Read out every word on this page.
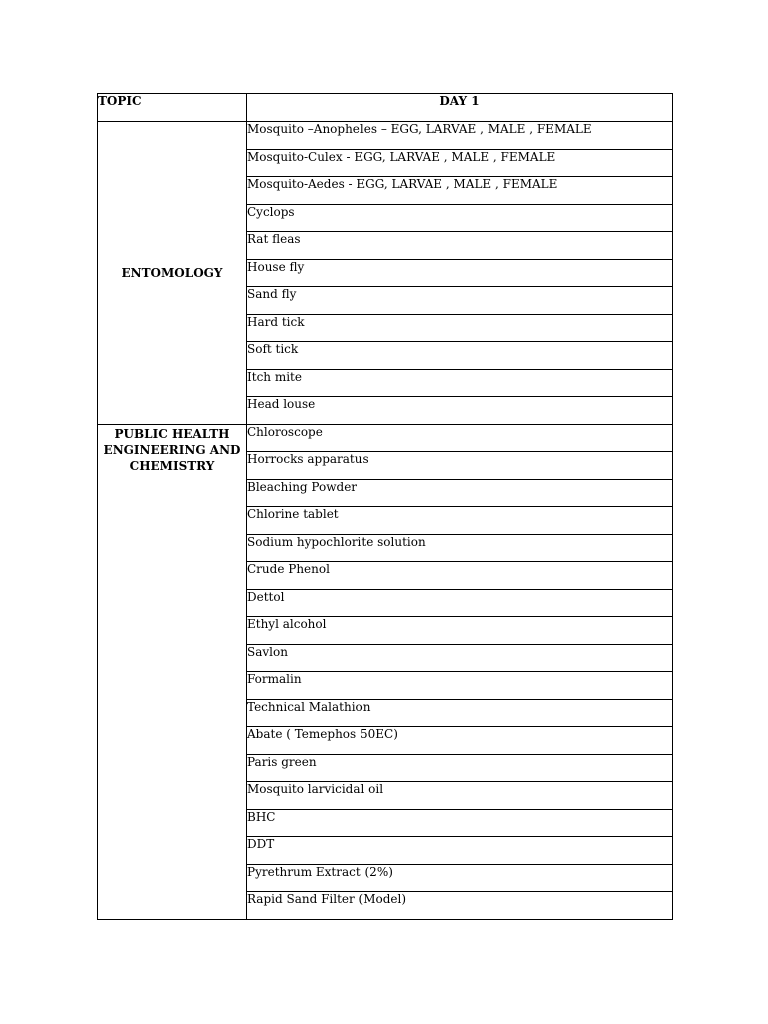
TOPIC	DAY 1
ENTOMOLOGY	Mosquito –Anopheles – EGG, LARVAE , MALE , FEMALE
	Mosquito-Culex - EGG, LARVAE , MALE , FEMALE
	Mosquito-Aedes - EGG, LARVAE , MALE , FEMALE
	Cyclops
	Rat fleas
	House fly
	Sand fly
	Hard tick
	Soft tick
	Itch mite
	Head louse
PUBLIC HEALTH ENGINEERING AND CHEMISTRY	Chloroscope
	Horrocks apparatus
	Bleaching Powder
	Chlorine tablet
	Sodium hypochlorite solution
	Crude Phenol
	Dettol
	Ethyl alcohol
	Savlon
	Formalin
	Technical Malathion
	Abate ( Temephos 50EC)
	Paris green
	Mosquito larvicidal oil
	BHC
	DDT
	Pyrethrum Extract (2%)
	Rapid Sand Filter (Model)
